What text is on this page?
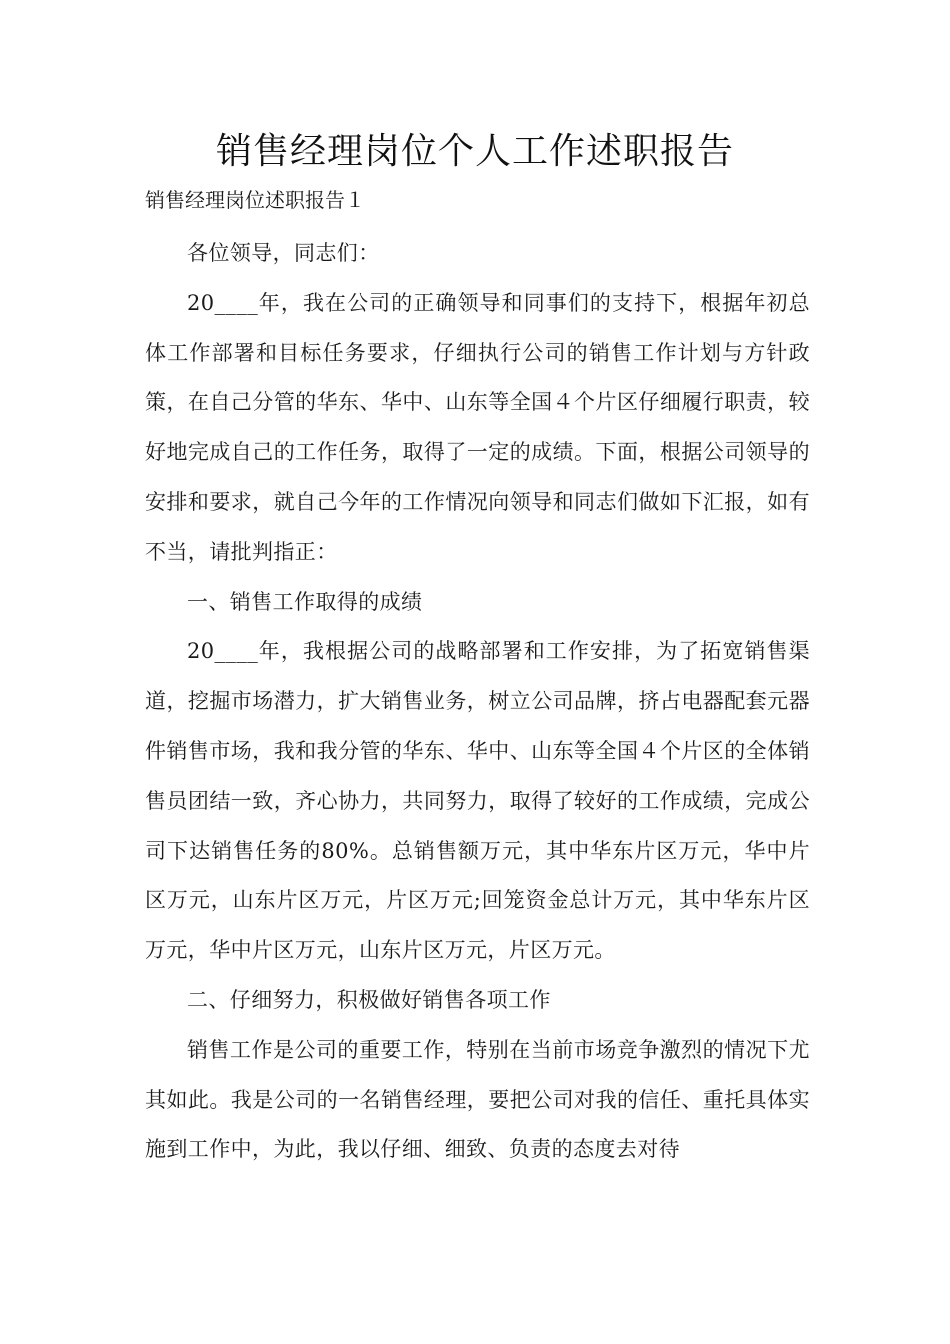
销售经理岗位个人工作述职报告
销售经理岗位述职报告１

各位领导，同志们：

20____年，我在公司的正确领导和同事们的支持下，根据年初总体工作部署和目标任务要求，仔细执行公司的销售工作计划与方针政策，在自己分管的华东、华中、山东等全国４个片区仔细履行职责，较好地完成自己的工作任务，取得了一定的成绩。下面，根据公司领导的安排和要求，就自己今年的工作情况向领导和同志们做如下汇报，如有不当，请批判指正：

一、销售工作取得的成绩

20____年，我根据公司的战略部署和工作安排，为了拓宽销售渠道，挖掘市场潜力，扩大销售业务，树立公司品牌，挤占电器配套元器件销售市场，我和我分管的华东、华中、山东等全国４个片区的全体销售员团结一致，齐心协力，共同努力，取得了较好的工作成绩，完成公司下达销售任务的80%。总销售额万元，其中华东片区万元，华中片区万元，山东片区万元，片区万元;回笼资金总计万元，其中华东片区万元，华中片区万元，山东片区万元，片区万元。

二、仔细努力，积极做好销售各项工作

销售工作是公司的重要工作，特别在当前市场竞争激烈的情况下尤其如此。我是公司的一名销售经理，要把公司对我的信任、重托具体实施到工作中，为此，我以仔细、细致、负责的态度去对待
